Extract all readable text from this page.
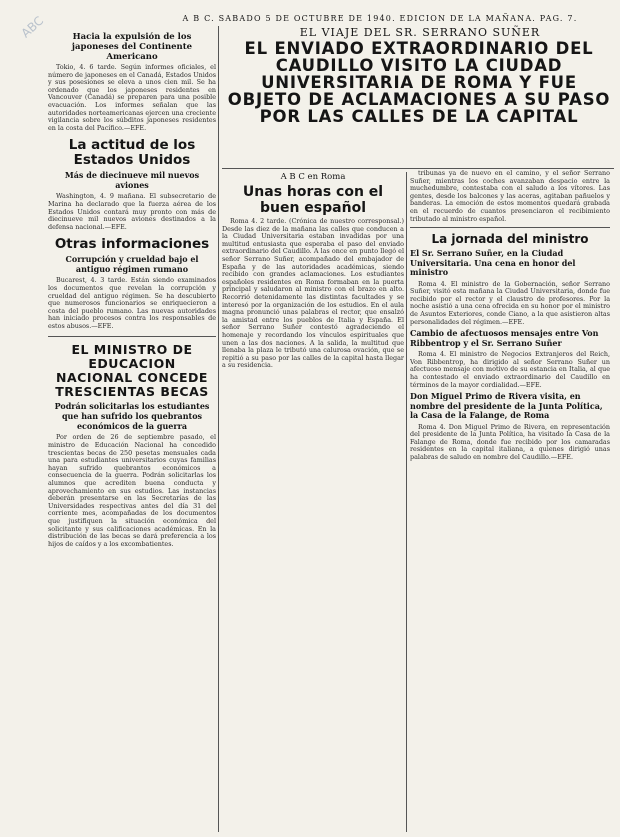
ABC	A B C. SABADO 5 DE OCTUBRE DE 1940. EDICION DE LA MAÑANA. PAG. 7.
EL VIAJE DEL SR. SERRANO SUÑER
EL ENVIADO EXTRAORDINARIO DEL CAUDILLO VISITO LA CIUDAD UNIVERSITARIA DE ROMA Y FUE OBJETO DE ACLAMACIONES A SU PASO POR LAS CALLES DE LA CAPITAL
Hacia la expulsión de los japoneses del Continente Americano

Tokio, 4. 6 tarde. Según informes oficiales, el número de japoneses en el Canadá, Estados Unidos y sus posesiones se eleva a unos cien mil. Se ha ordenado que los japoneses residentes en Vancouver (Canadá) se preparen para una posible evacuación. Los informes señalan que las autoridades norteamericanas ejercen una creciente vigilancia sobre los súbditos japoneses residentes en la costa del Pacífico.—EFE.

La actitud de los Estados Unidos
Más de diecinueve mil nuevos aviones

Washington, 4. 9 mañana. El subsecretario de Marina ha declarado que la fuerza aérea de los Estados Unidos contará muy pronto con más de diecinueve mil nuevos aviones destinados a la defensa nacional.—EFE.

Otras informaciones
Corrupción y crueldad bajo el antiguo régimen rumano

Bucarest, 4. 3 tarde. Están siendo examinados los documentos que revelan la corrupción y crueldad del antiguo régimen. Se ha descubierto que numerosos funcionarios se enriquecieron a costa del pueblo rumano. Las nuevas autoridades han iniciado procesos contra los responsables de estos abusos.—EFE.

EL MINISTRO DE EDUCACION NACIONAL CONCEDE TRESCIENTAS BECAS
Podrán solicitarlas los estudiantes que han sufrido los quebrantos económicos de la guerra

Por orden de 26 de septiembre pasado, el ministro de Educación Nacional ha concedido trescientas becas de 250 pesetas mensuales cada una para estudiantes universitarios cuyas familias hayan sufrido quebrantos económicos a consecuencia de la guerra. Podrán solicitarlas los alumnos que acrediten buena conducta y aprovechamiento en sus estudios. Las instancias deberán presentarse en las Secretarías de las Universidades respectivas antes del día 31 del corriente mes, acompañadas de los documentos que justifiquen la situación económica del solicitante y sus calificaciones académicas. En la distribución de las becas se dará preferencia a los hijos de caídos y a los excombatientes.

A B C en Roma
Unas horas con el buen español

Roma 4. 2 tarde. (Crónica de nuestro corresponsal.) Desde las diez de la mañana las calles que conducen a la Ciudad Universitaria estaban invadidas por una multitud entusiasta que esperaba el paso del enviado extraordinario del Caudillo. A las once en punto llegó el señor Serrano Suñer, acompañado del embajador de España y de las autoridades académicas, siendo recibido con grandes aclamaciones. Los estudiantes españoles residentes en Roma formaban en la puerta principal y saludaron al ministro con el brazo en alto. Recorrió detenidamente las distintas facultades y se interesó por la organización de los estudios. En el aula magna pronunció unas palabras el rector, que ensalzó la amistad entre los pueblos de Italia y España. El señor Serrano Suñer contestó agradeciendo el homenaje y recordando los vínculos espirituales que unen a las dos naciones. A la salida, la multitud que llenaba la plaza le tributó una calurosa ovación, que se repitió a su paso por las calles de la capital hasta llegar a su residencia.

tribunas ya de nuevo en el camino, y el señor Serrano Suñer, mientras los coches avanzaban despacio entre la muchedumbre, contestaba con el saludo a los vítores. Las gentes, desde los balcones y las aceras, agitaban pañuelos y banderas. La emoción de estos momentos quedará grabada en el recuerdo de cuantos presenciaron el recibimiento tributado al ministro español.

La jornada del ministro
El Sr. Serrano Suñer, en la Ciudad Universitaria. Una cena en honor del ministro

Roma 4. El ministro de la Gobernación, señor Serrano Suñer, visitó esta mañana la Ciudad Universitaria, donde fue recibido por el rector y el claustro de profesores. Por la noche asistió a una cena ofrecida en su honor por el ministro de Asuntos Exteriores, conde Ciano, a la que asistieron altas personalidades del régimen.—EFE.

Cambio de afectuosos mensajes entre Von Ribbentrop y el Sr. Serrano Suñer

Roma 4. El ministro de Negocios Extranjeros del Reich, Von Ribbentrop, ha dirigido al señor Serrano Suñer un afectuoso mensaje con motivo de su estancia en Italia, al que ha contestado el enviado extraordinario del Caudillo en términos de la mayor cordialidad.—EFE.

Don Miguel Primo de Rivera visita, en nombre del presidente de la Junta Política, la Casa de la Falange, de Roma

Roma 4. Don Miguel Primo de Rivera, en representación del presidente de la Junta Política, ha visitado la Casa de la Falange de Roma, donde fue recibido por los camaradas residentes en la capital italiana, a quienes dirigió unas palabras de saludo en nombre del Caudillo.—EFE.
